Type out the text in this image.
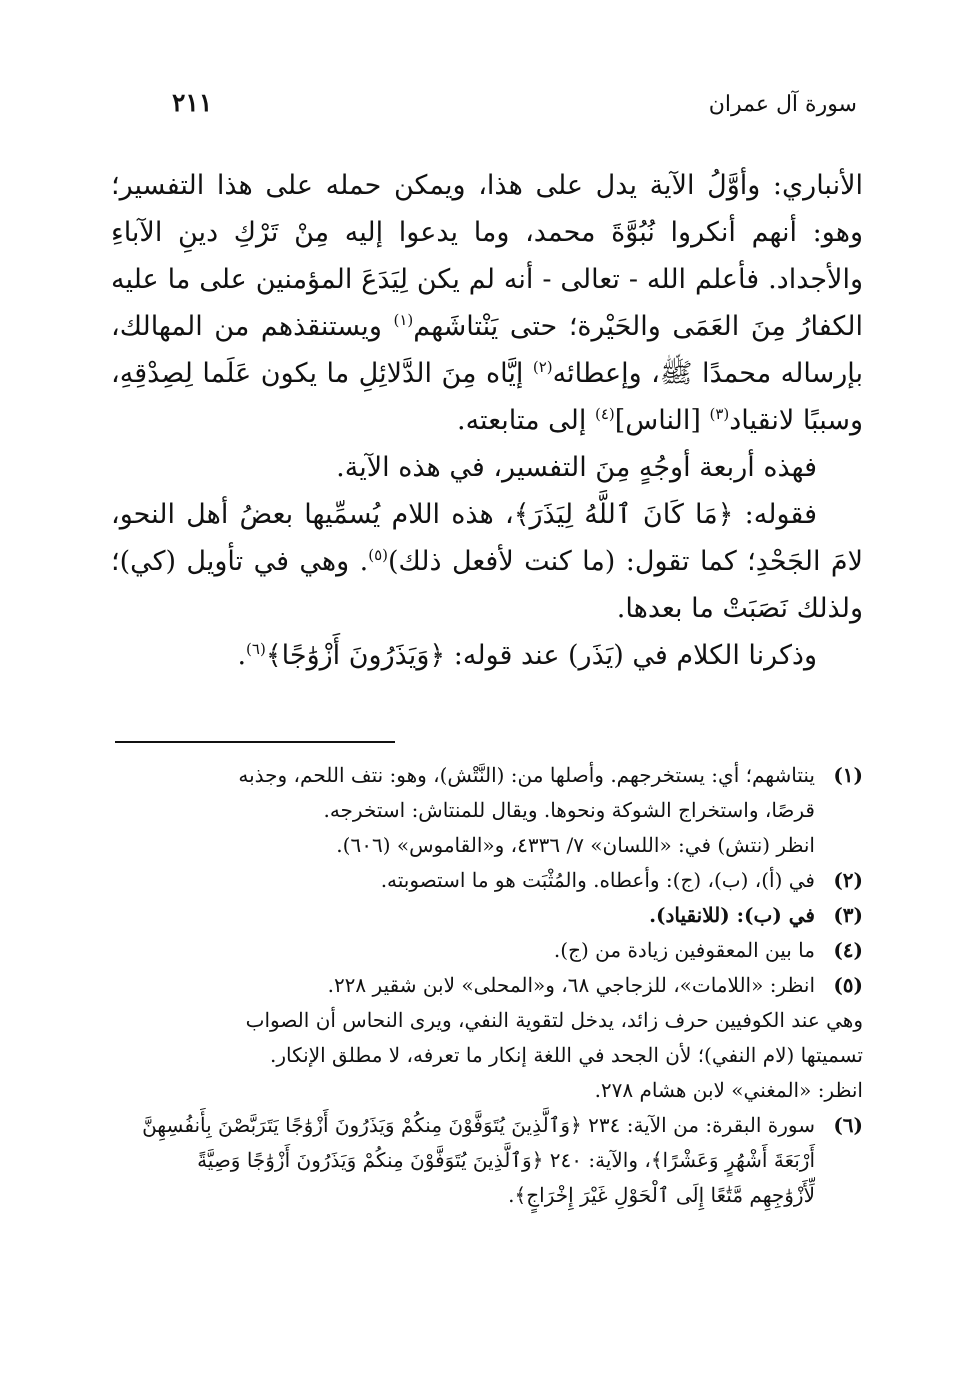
سورة آل عمران
٢١١

الأنباري: وأوَّلُ الآية يدل على هذا، ويمكن حمله على هذا التفسير؛ وهو: أنهم أنكروا نُبُوَّةَ محمد، وما يدعوا إليه مِنْ تَرْكِ دينِ الآباءِ والأجداد. فأعلم الله - تعالى - أنه لم يكن لِيَدَعَ المؤمنين على ما عليه الكفارُ مِنَ العَمَى والحَيْرة؛ حتى يَنْتاشَهم$^{(١)}$ ويستنقذهم من المهالك، بإرساله محمدًا ﷺ، وإعطائه$^{(٢)}$ إيَّاه مِنَ الدَّلائِلِ ما يكون عَلَما لِصِدْقِهِ، وسببًا لانقياد$^{(٣)}$ [الناس]$^{(٤)}$ إلى متابعته.

فهذه أربعة أوجُهٍ مِنَ التفسير، في هذه الآية.

فقوله: ﴿مَا كَانَ ٱللَّهُ لِيَذَرَ﴾، هذه اللام يُسمِّيها بعضُ أهل النحو، لامَ الجَحْدِ؛ كما تقول: (ما كنت لأفعل ذلك)$^{(٥)}$. وهي في تأويل (كي)؛ ولذلك نَصَبَتْ ما بعدها.

وذكرنا الكلام في (يَذَر) عند قوله: ﴿وَيَذَرُونَ أَزْوَٰجًا﴾$^{(٦)}$.

(١)
ينتاشهم؛ أي: يستخرجهم. وأصلها من: (النَّتْش)، وهو: نتف اللحم، وجذبه
قرصًا، واستخراج الشوكة ونحوها. ويقال للمنتاش: استخرجه.
انظر (نتش) في: «اللسان» ٧/ ٤٣٣٦، و«القاموس» (٦٠٦).
(٢)
في (أ)، (ب)، (ج): وأعطاه. والمُثْبَت هو ما استصوبته.
(٣)
في (ب): (للانقياد).
(٤)
ما بين المعقوفين زيادة من (ج).
(٥)
انظر: «اللامات»، للزجاجي ٦٨، و«المحلى» لابن شقير ٢٢٨.
وهي عند الكوفيين حرف زائد، يدخل لتقوية النفي، ويرى النحاس أن الصواب
تسميتها (لام النفي)؛ لأن الجحد في اللغة إنكار ما تعرفه، لا مطلق الإنكار.
انظر: «المغني» لابن هشام ٢٧٨.
(٦)
سورة البقرة: من الآية: ٢٣٤ ﴿وَٱلَّذِينَ يُتَوَفَّوْنَ مِنكُمْ وَيَذَرُونَ أَزْوَٰجًا يَتَرَبَّصْنَ بِأَنفُسِهِنَّ
أَرْبَعَةَ أَشْهُرٍ وَعَشْرًا﴾، والآية: ٢٤٠ ﴿وَٱلَّذِينَ يُتَوَفَّوْنَ مِنكُمْ وَيَذَرُونَ أَزْوَٰجًا وَصِيَّةً
لِّأَزْوَٰجِهِم مَّتَٰعًا إِلَى ٱلْحَوْلِ غَيْرَ إِخْرَاجٍ﴾.
